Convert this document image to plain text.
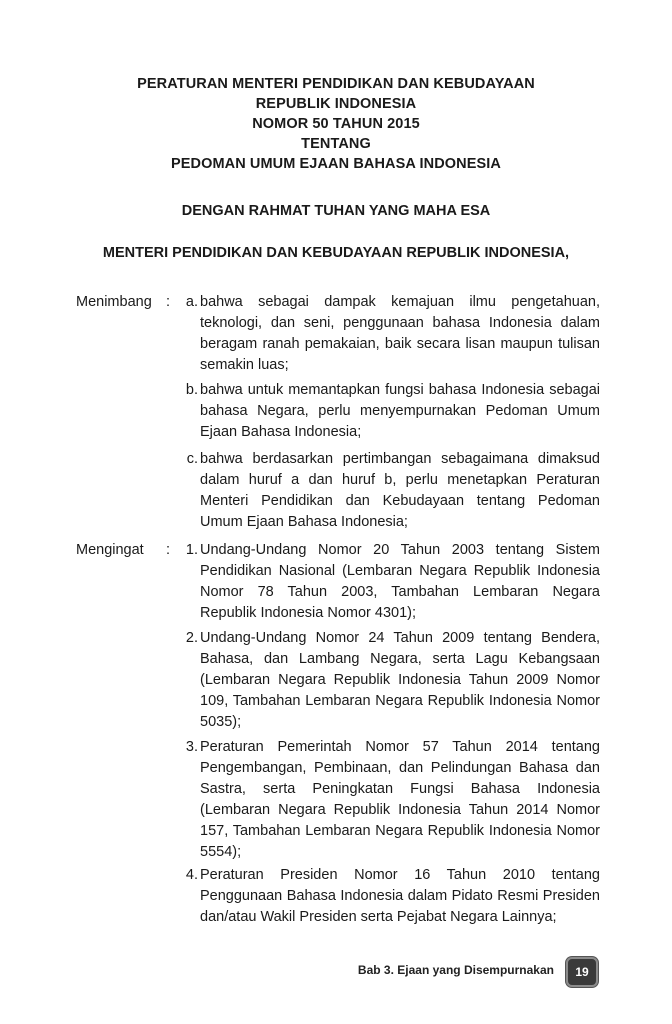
PERATURAN MENTERI PENDIDIKAN DAN KEBUDAYAAN
REPUBLIK INDONESIA
NOMOR 50 TAHUN 2015
TENTANG
PEDOMAN UMUM EJAAN BAHASA INDONESIA
DENGAN RAHMAT TUHAN YANG MAHA ESA
MENTERI PENDIDIKAN DAN KEBUDAYAAN REPUBLIK INDONESIA,
Menimbang :	a. bahwa sebagai dampak kemajuan ilmu pengetahuan, teknologi, dan seni, penggunaan bahasa Indonesia dalam beragam ranah pemakaian, baik secara lisan maupun tulisan semakin luas;
b. bahwa untuk memantapkan fungsi bahasa Indonesia sebagai bahasa Negara, perlu menyempurnakan Pedoman Umum Ejaan Bahasa Indonesia;
c. bahwa berdasarkan pertimbangan sebagaimana dimaksud dalam huruf a dan huruf b, perlu menetapkan Peraturan Menteri Pendidikan dan Kebudayaan tentang Pedoman Umum Ejaan Bahasa Indonesia;
Mengingat :	1. Undang-Undang Nomor 20 Tahun 2003 tentang Sistem Pendidikan Nasional (Lembaran Negara Republik Indonesia Nomor 78 Tahun 2003, Tambahan Lembaran Negara Republik Indonesia Nomor 4301);
2. Undang-Undang Nomor 24 Tahun 2009 tentang Bendera, Bahasa, dan Lambang Negara, serta Lagu Kebangsaan (Lembaran Negara Republik Indonesia Tahun 2009 Nomor 109, Tambahan Lembaran Negara Republik Indonesia Nomor 5035);
3. Peraturan Pemerintah Nomor 57 Tahun 2014 tentang Pengembangan, Pembinaan, dan Pelindungan Bahasa dan Sastra, serta Peningkatan Fungsi Bahasa Indonesia (Lembaran Negara Republik Indonesia Tahun 2014 Nomor 157, Tambahan Lembaran Negara Republik Indonesia Nomor 5554);
4. Peraturan Presiden Nomor 16 Tahun 2010 tentang Penggunaan Bahasa Indonesia dalam Pidato Resmi Presiden dan/atau Wakil Presiden serta Pejabat Negara Lainnya;
Bab 3. Ejaan yang Disempurnakan	19
